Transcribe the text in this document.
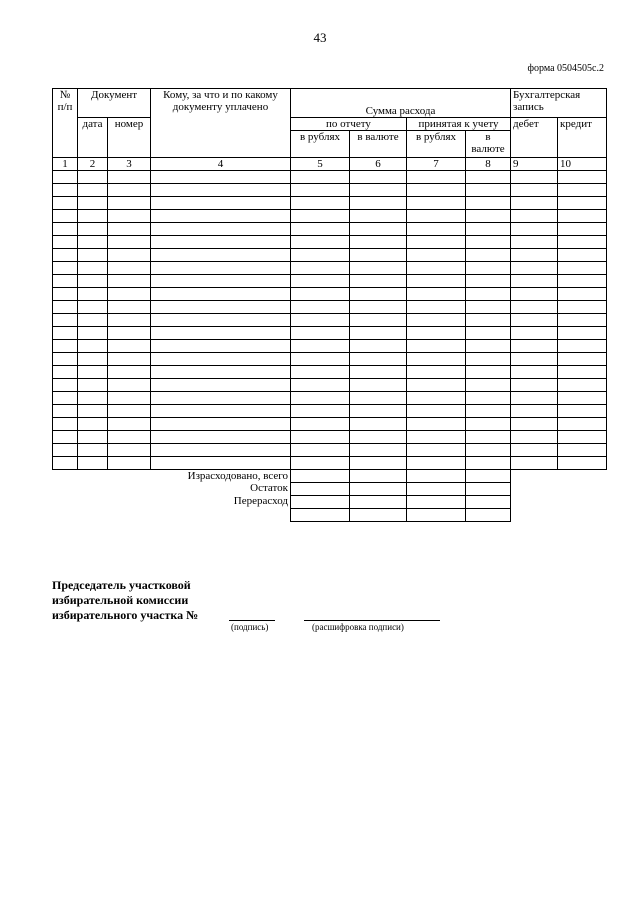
43
форма 0504505с.2
№ п/п	Документ		Кому, за что и по какому документу уплачено	Сумма расхода				Бухгалтерская запись	
	дата	номер		по отчету		принятая к учету		дебет	кредит
				в рублях	в валюте	в рублях	в валюте		
1	2	3	4	5	6	7	8	9	10

Израсходовано, всего									
Остаток									
Перерасход									

Председатель участковой
избирательной комиссии
избирательного участка №
(подпись)	(расшифровка подписи)
